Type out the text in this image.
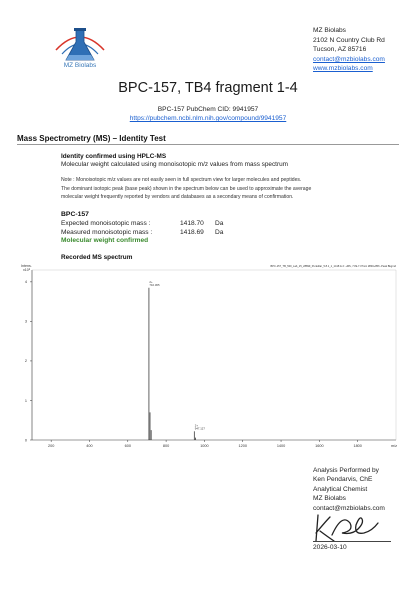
MZ Biolabs
MZ Biolabs
2102 N Country Club Rd
Tucson, AZ 85716
contact@mzbiolabs.com
www.mzbiolabs.com
BPC-157, TB4 fragment 1-4
BPC-157 PubChem CID: 9941957
https://pubchem.ncbi.nlm.nih.gov/compound/9941957
Mass Spectrometry (MS) – Identity Test
Identity confirmed using HPLC-MS
Molecular weight calculated using monoisotopic m/z values from mass spectrum
Note : Monoisotopic m/z values are not easily seen in full spectrum view for larger molecules and peptides.
The dominant isotopic peak (base peak) shown in the spectrum below can be used to approximate the average
molecular weight frequently reported by vendors and databases as a secondary means of confirmation.
BPC-157
Expected monoisotopic mass :	1418.70 Da
Measured monoisotopic mass :	1418.69 Da
Molecular weight confirmed
Recorded MS spectrum
BPC-157_TB_500_Lab_15_28899_Punkdlar_5.8.1_1_1418 & 2: +MS, 7.8k-7.37min #849+856 -Peak Bkgrnd
Intens.
x10⁵
0
1
2
3
4
200	400	600	800	1000	1200	1400	1600	1800	m/z
2+
710.365
2+
947.127
Analysis Performed by
Ken Pendarvis, ChE
Analytical Chemist
MZ Biolabs
contact@mzbiolabs.com
2026-03-10
